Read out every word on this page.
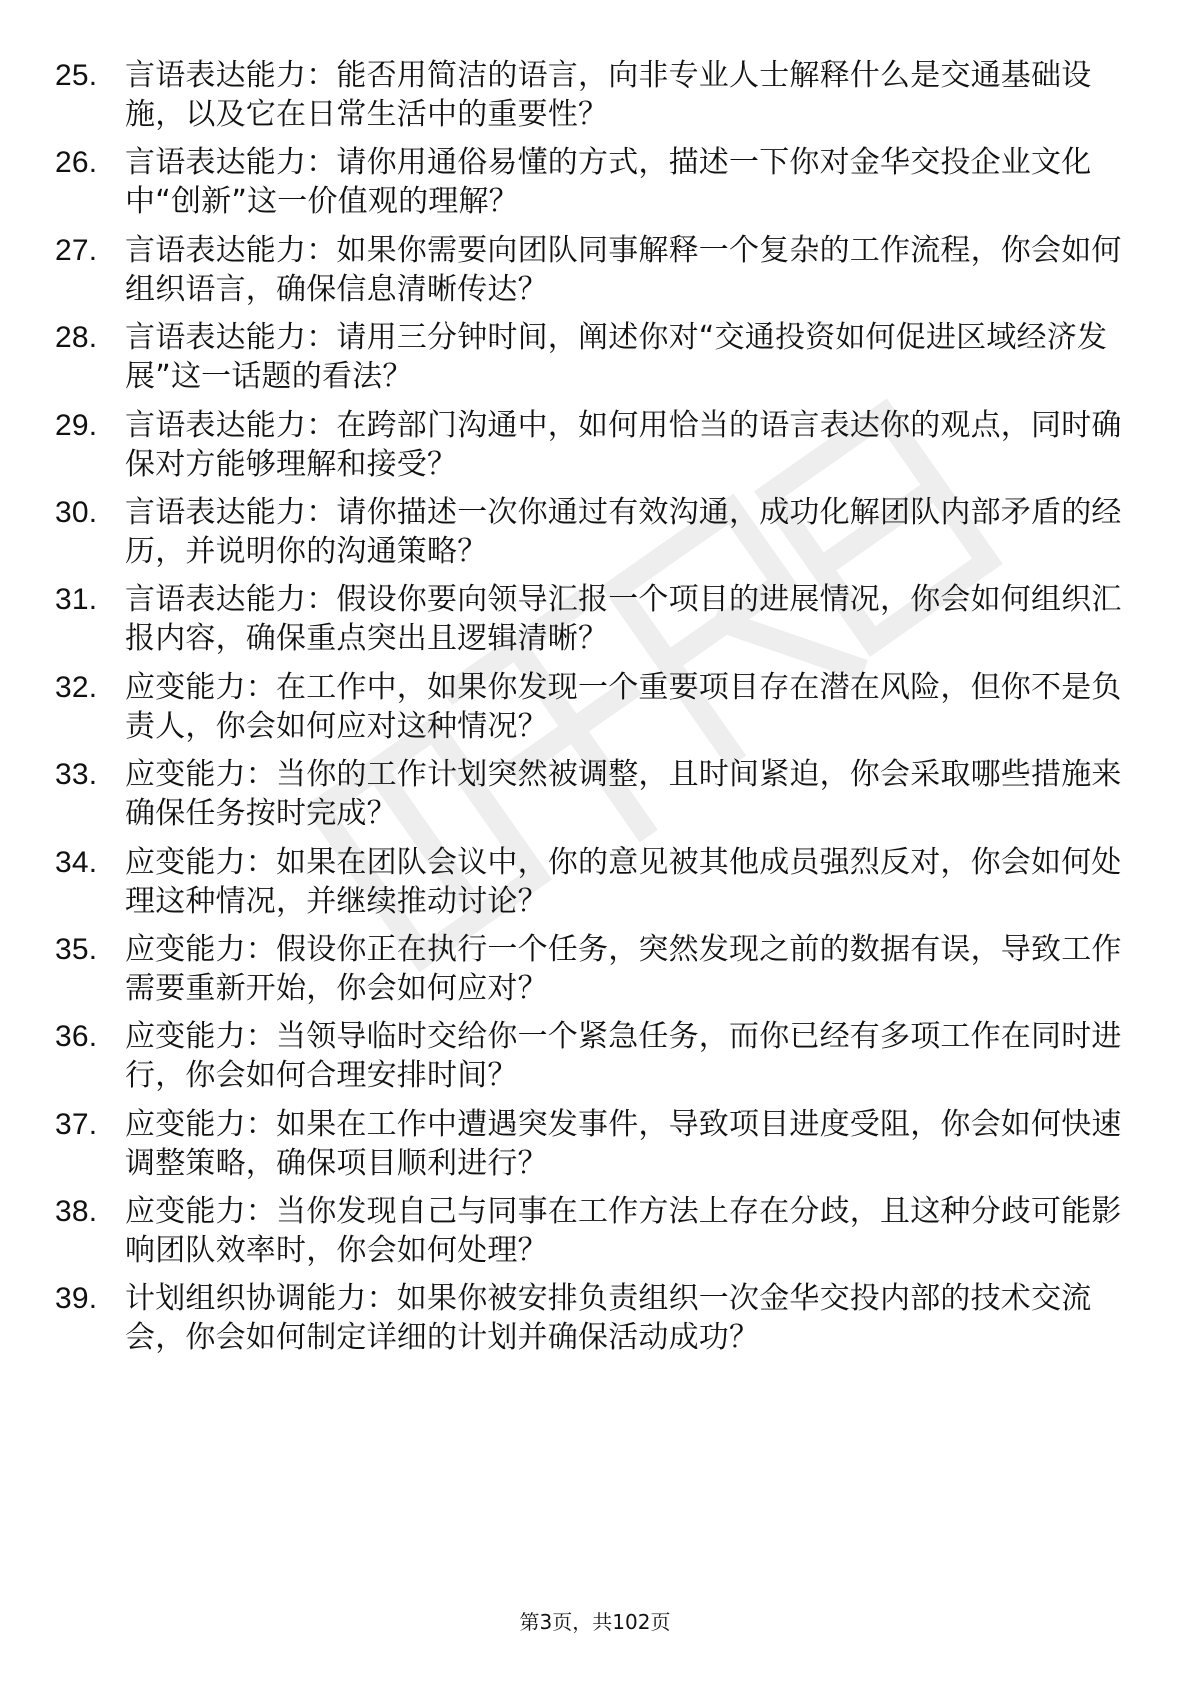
25. 言语表达能力：能否用简洁的语言，向非专业人士解释什么是交通基础设施，以及它在日常生活中的重要性？
26. 言语表达能力：请你用通俗易懂的方式，描述一下你对金华交投企业文化中“创新”这一价值观的理解？
27. 言语表达能力：如果你需要向团队同事解释一个复杂的工作流程，你会如何组织语言，确保信息清晰传达？
28. 言语表达能力：请用三分钟时间，阐述你对“交通投资如何促进区域经济发展”这一话题的看法？
29. 言语表达能力：在跨部门沟通中，如何用恰当的语言表达你的观点，同时确保对方能够理解和接受？
30. 言语表达能力：请你描述一次你通过有效沟通，成功化解团队内部矛盾的经历，并说明你的沟通策略？
31. 言语表达能力：假设你要向领导汇报一个项目的进展情况，你会如何组织汇报内容，确保重点突出且逻辑清晰？
32. 应变能力：在工作中，如果你发现一个重要项目存在潜在风险，但你不是负责人，你会如何应对这种情况？
33. 应变能力：当你的工作计划突然被调整，且时间紧迫，你会采取哪些措施来确保任务按时完成？
34. 应变能力：如果在团队会议中，你的意见被其他成员强烈反对，你会如何处理这种情况，并继续推动讨论？
35. 应变能力：假设你正在执行一个任务，突然发现之前的数据有误，导致工作需要重新开始，你会如何应对？
36. 应变能力：当领导临时交给你一个紧急任务，而你已经有多项工作在同时进行，你会如何合理安排时间？
37. 应变能力：如果在工作中遭遇突发事件，导致项目进度受阻，你会如何快速调整策略，确保项目顺利进行？
38. 应变能力：当你发现自己与同事在工作方法上存在分歧，且这种分歧可能影响团队效率时，你会如何处理？
39. 计划组织协调能力：如果你被安排负责组织一次金华交投内部的技术交流会，你会如何制定详细的计划并确保活动成功？
第3页，共102页
